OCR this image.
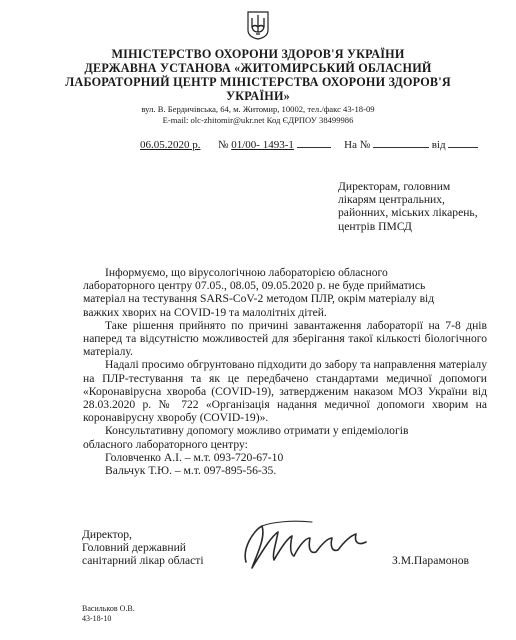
МІНІСТЕРСТВО ОХОРОНИ ЗДОРОВ'Я УКРАЇНИ
ДЕРЖАВНА УСТАНОВА «ЖИТОМИРСЬКИЙ ОБЛАСНИЙ
ЛАБОРАТОРНИЙ ЦЕНТР МІНІСТЕРСТВА ОХОРОНИ ЗДОРОВ'Я
УКРАЇНИ»
вул. В. Бердичівська, 64, м. Житомир, 10002, тел./факс 43-18-09
E-mail: olc-zhitomir@ukr.net Код ЄДРПОУ 38499986
06.05.2020 р. № 01/00- 1493-1	На №	від
Директорам, головним
лікарям центральних,
районних, міських лікарень,
центрів ПМСД
Інформуємо, що вірусологічною лабораторією обласного
лабораторного центру 07.05., 08.05, 09.05.2020 р. не буде прийматись
матеріал на тестування SARS-CoV-2 методом ПЛР, окрім матеріалу від
важких хворих на COVID-19 та малолітніх дітей.
Таке рішення прийнято по причині завантаження лабораторії на 7-8 днів наперед та відсутністю можливостей для зберігання такої кількості біологічного матеріалу.
Надалі просимо обгрунтовано підходити до забору та направлення матеріалу на ПЛР-тестування та як це передбачено стандартами медичної допомоги «Коронавірусна хвороба (COVID-19), затвердженим наказом МОЗ України від 28.03.2020 р. № 722 «Організація надання медичної допомоги хворим на коронавірусну хворобу (COVID-19)».
Консультативну допомогу можливо отримати у епідеміологів
обласного лабораторного центру:
Головченко А.І. – м.т. 093-720-67-10
Вальчук Т.Ю. – м.т. 097-895-56-35.
Директор,
Головний державний
санітарний лікар області	З.М.Парамонов
Васильков О.В.
43-18-10
